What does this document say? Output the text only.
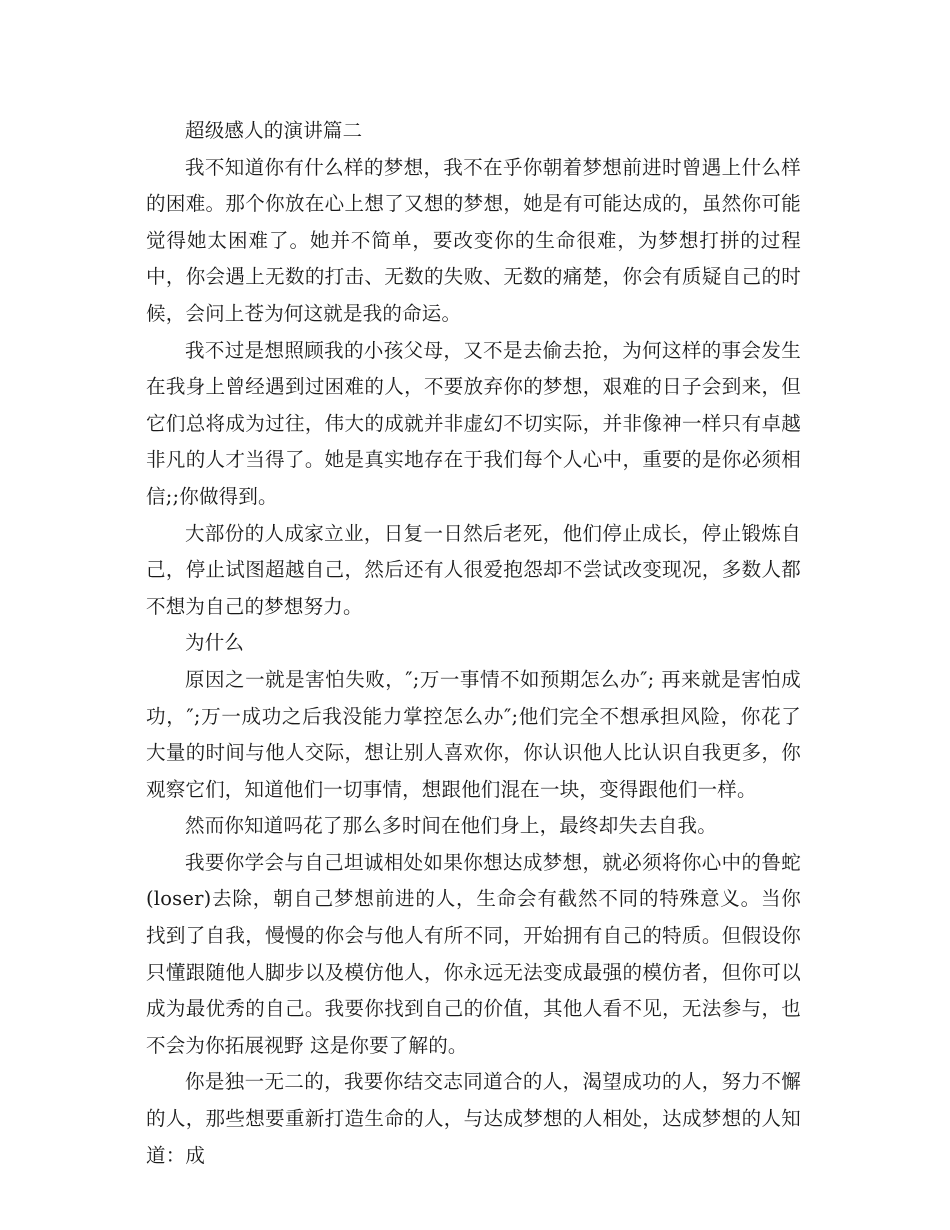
超级感人的演讲篇二

我不知道你有什么样的梦想，我不在乎你朝着梦想前进时曾遇上什么样的困难。那个你放在心上想了又想的梦想，她是有可能达成的，虽然你可能觉得她太困难了。她并不简单，要改变你的生命很难，为梦想打拼的过程中，你会遇上无数的打击、无数的失败、无数的痛楚，你会有质疑自己的时候，会问上苍为何这就是我的命运。

我不过是想照顾我的小孩父母，又不是去偷去抢，为何这样的事会发生在我身上曾经遇到过困难的人，不要放弃你的梦想，艰难的日子会到来，但它们总将成为过往，伟大的成就并非虚幻不切实际，并非像神一样只有卓越非凡的人才当得了。她是真实地存在于我们每个人心中，重要的是你必须相信;;你做得到。

大部份的人成家立业，日复一日然后老死，他们停止成长，停止锻炼自己，停止试图超越自己，然后还有人很爱抱怨却不尝试改变现况，多数人都不想为自己的梦想努力。

为什么

原因之一就是害怕失败，″;万一事情不如预期怎么办″; 再来就是害怕成功，″;万一成功之后我没能力掌控怎么办″;他们完全不想承担风险，你花了大量的时间与他人交际，想让别人喜欢你，你认识他人比认识自我更多，你观察它们，知道他们一切事情，想跟他们混在一块，变得跟他们一样。

然而你知道吗花了那么多时间在他们身上，最终却失去自我。

我要你学会与自己坦诚相处如果你想达成梦想，就必须将你心中的鲁蛇(loser)去除，朝自己梦想前进的人，生命会有截然不同的特殊意义。当你找到了自我，慢慢的你会与他人有所不同，开始拥有自己的特质。但假设你只懂跟随他人脚步以及模仿他人，你永远无法变成最强的模仿者，但你可以成为最优秀的自己。我要你找到自己的价值，其他人看不见，无法参与，也不会为你拓展视野 这是你要了解的。

你是独一无二的，我要你结交志同道合的人，渴望成功的人，努力不懈的人，那些想要重新打造生命的人，与达成梦想的人相处，达成梦想的人知道：成
